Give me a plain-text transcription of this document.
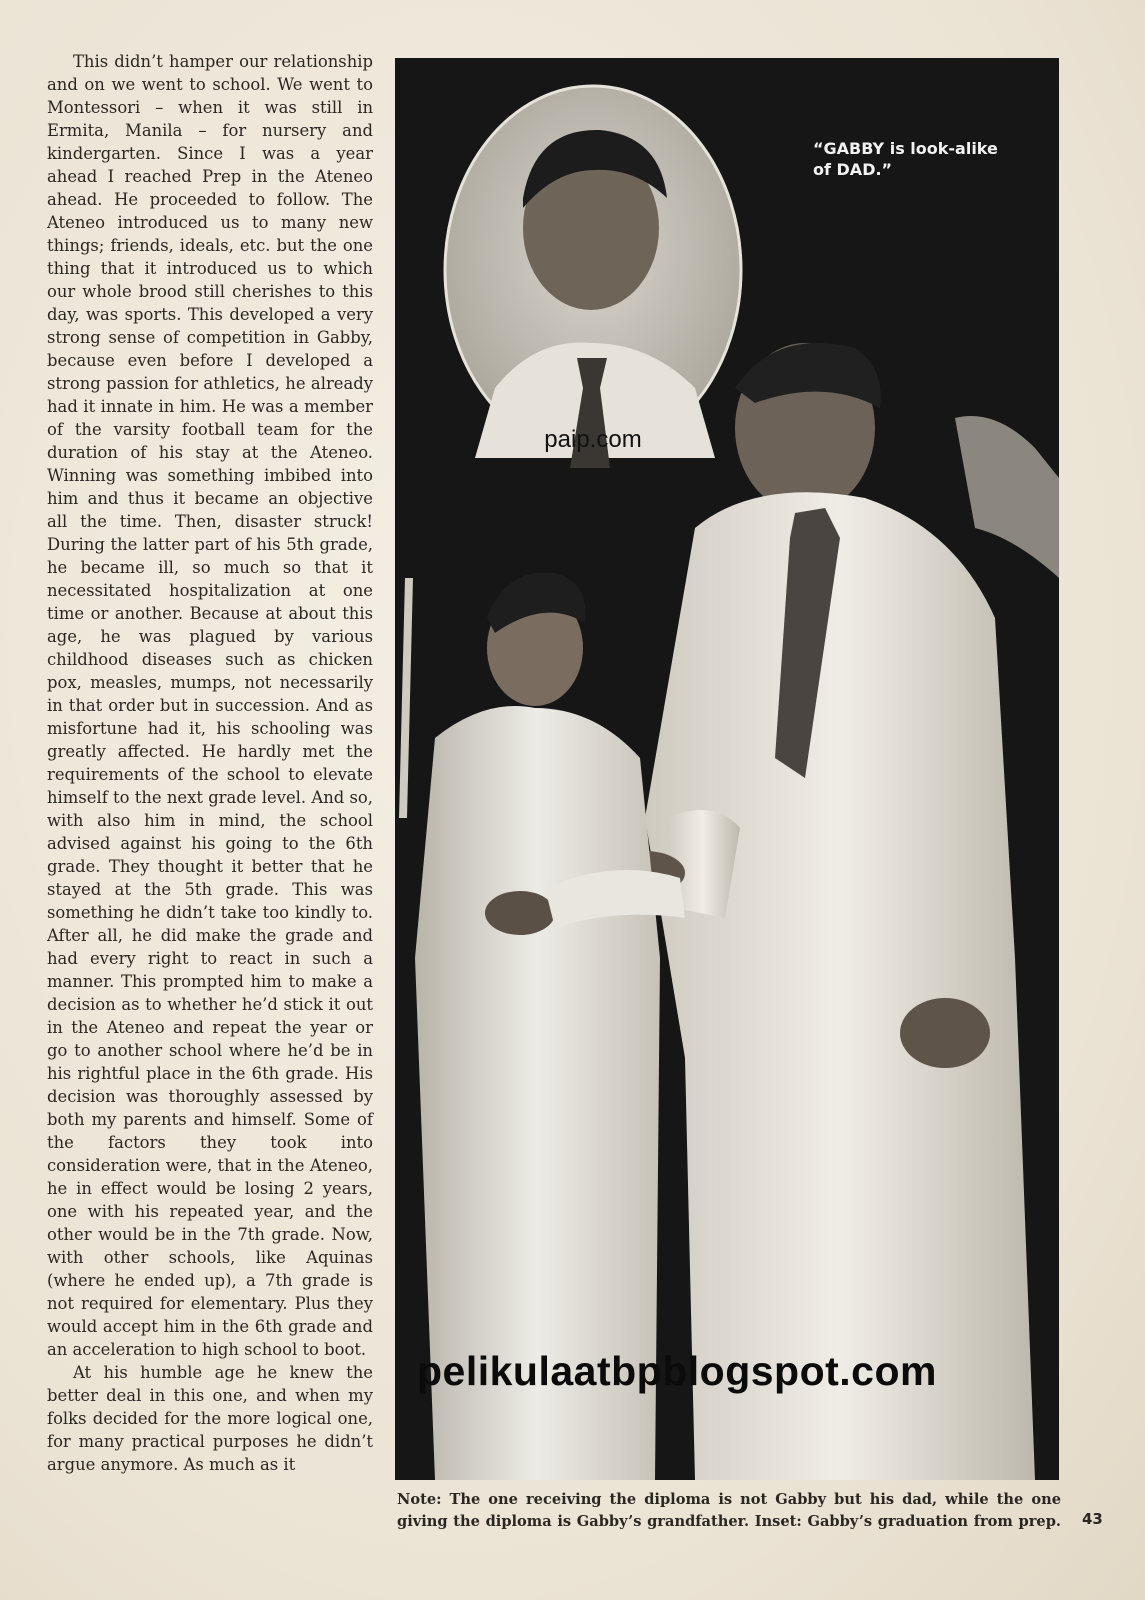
This didn’t hamper our relationship and on we went to school. We went to Montessori – when it was still in Ermita, Manila – for nursery and kindergarten. Since I was a year ahead I reached Prep in the Ateneo ahead. He proceeded to follow. The Ateneo introduced us to many new things; friends, ideals, etc. but the one thing that it introduced us to which our whole brood still cherishes to this day, was sports. This developed a very strong sense of competition in Gabby, because even before I developed a strong passion for athletics, he already had it innate in him. He was a member of the varsity football team for the duration of his stay at the Ateneo. Winning was something imbibed into him and thus it became an objective all the time. Then, disaster struck! During the latter part of his 5th grade, he became ill, so much so that it necessitated hospitalization at one time or another. Because at about this age, he was plagued by various childhood diseases such as chicken pox, measles, mumps, not necessarily in that order but in succession. And as misfortune had it, his schooling was greatly affected. He hardly met the requirements of the school to elevate himself to the next grade level. And so, with also him in mind, the school advised against his going to the 6th grade. They thought it better that he stayed at the 5th grade. This was something he didn’t take too kindly to. After all, he did make the grade and had every right to react in such a manner. This prompted him to make a decision as to whether he’d stick it out in the Ateneo and repeat the year or go to another school where he’d be in his rightful place in the 6th grade. His decision was thoroughly assessed by both my parents and himself. Some of the factors they took into consideration were, that in the Ateneo, he in effect would be losing 2 years, one with his repeated year, and the other would be in the 7th grade. Now, with other schools, like Aquinas (where he ended up), a 7th grade is not required for elementary. Plus they would accept him in the 6th grade and an acceleration to high school to boot.

At his humble age he knew the better deal in this one, and when my folks decided for the more logical one, for many practical purposes he didn’t argue anymore. As much as it

“GABBY is look-alike of DAD.”
paip.com
pelikulaatbpblogspot.com
Note: The one receiving the diploma is not Gabby but his dad, while the one giving the diploma is Gabby’s grandfather. Inset: Gabby’s graduation from prep. 43
